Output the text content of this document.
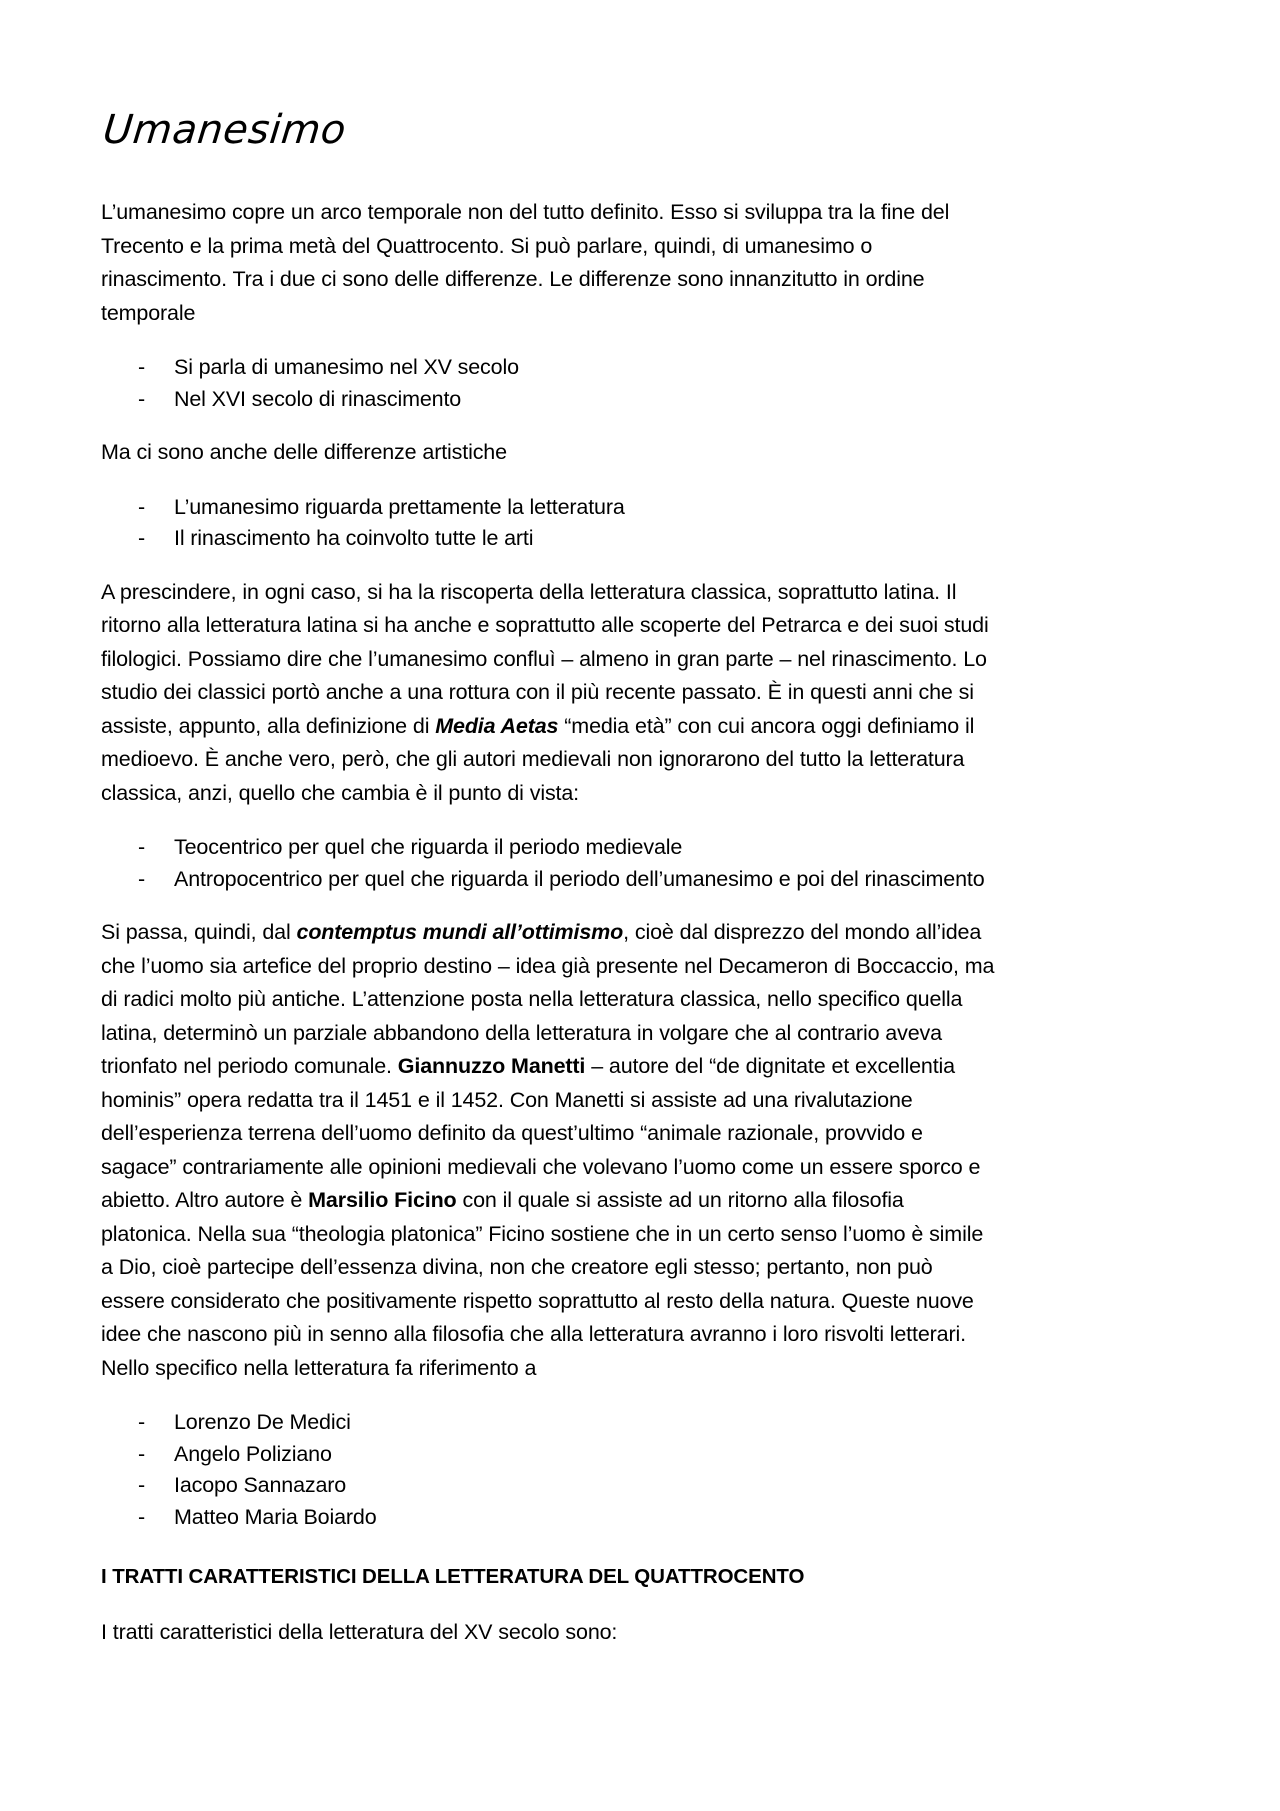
Umanesimo

L’umanesimo copre un arco temporale non del tutto definito. Esso si sviluppa tra la fine del Trecento e la prima metà del Quattrocento. Si può parlare, quindi, di umanesimo o rinascimento. Tra i due ci sono delle differenze. Le differenze sono innanzitutto in ordine temporale

-	Si parla di umanesimo nel XV secolo
-	Nel XVI secolo di rinascimento

Ma ci sono anche delle differenze artistiche

-	L’umanesimo riguarda prettamente la letteratura
-	Il rinascimento ha coinvolto tutte le arti

A prescindere, in ogni caso, si ha la riscoperta della letteratura classica, soprattutto latina. Il ritorno alla letteratura latina si ha anche e soprattutto alle scoperte del Petrarca e dei suoi studi filologici. Possiamo dire che l’umanesimo confluì – almeno in gran parte – nel rinascimento. Lo studio dei classici portò anche a una rottura con il più recente passato. È in questi anni che si assiste, appunto, alla definizione di Media Aetas “media età” con cui ancora oggi definiamo il medioevo. È anche vero, però, che gli autori medievali non ignorarono del tutto la letteratura classica, anzi, quello che cambia è il punto di vista:

-	Teocentrico per quel che riguarda il periodo medievale
-	Antropocentrico per quel che riguarda il periodo dell’umanesimo e poi del rinascimento

Si passa, quindi, dal contemptus mundi all’ottimismo, cioè dal disprezzo del mondo all’idea che l’uomo sia artefice del proprio destino – idea già presente nel Decameron di Boccaccio, ma di radici molto più antiche. L’attenzione posta nella letteratura classica, nello specifico quella latina, determinò un parziale abbandono della letteratura in volgare che al contrario aveva trionfato nel periodo comunale. Giannuzzo Manetti – autore del “de dignitate et excellentia hominis” opera redatta tra il 1451 e il 1452. Con Manetti si assiste ad una rivalutazione dell’esperienza terrena dell’uomo definito da quest’ultimo “animale razionale, provvido e sagace” contrariamente alle opinioni medievali che volevano l’uomo come un essere sporco e abietto. Altro autore è Marsilio Ficino con il quale si assiste ad un ritorno alla filosofia platonica. Nella sua “theologia platonica” Ficino sostiene che in un certo senso l’uomo è simile a Dio, cioè partecipe dell’essenza divina, non che creatore egli stesso; pertanto, non può essere considerato che positivamente rispetto soprattutto al resto della natura. Queste nuove idee che nascono più in senno alla filosofia che alla letteratura avranno i loro risvolti letterari. Nello specifico nella letteratura fa riferimento a

-	Lorenzo De Medici
-	Angelo Poliziano
-	Iacopo Sannazaro
-	Matteo Maria Boiardo
I TRATTI CARATTERISTICI DELLA LETTERATURA DEL QUATTROCENTO

I tratti caratteristici della letteratura del XV secolo sono:
